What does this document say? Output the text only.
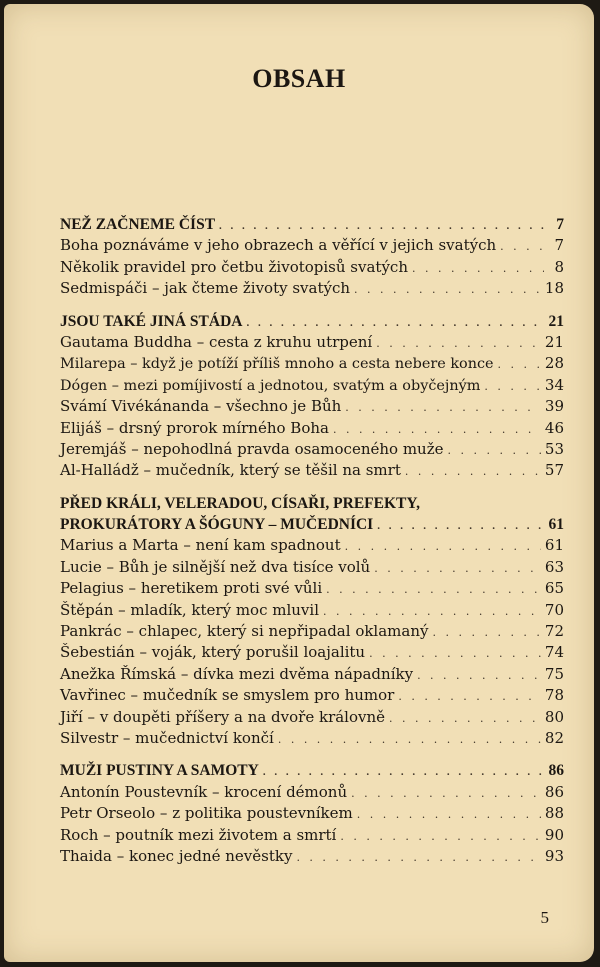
OBSAH
NEŽ ZAČNEME ČÍST . . .	7
Boha poznáváme v jeho obrazech a věřící v jejich svatých . . .	7
Několik pravidel pro četbu životopisů svatých . . .	8
Sedmispáči – jak čteme životy svatých . . .	18
JSOU TAKÉ JINÁ STÁDA . . .	21
Gautama Buddha – cesta z kruhu utrpení . . .	21
Milarepa – když je potíží příliš mnoho a cesta nebere konce . . .	28
Dógen – mezi pomíjivostí a jednotou, svatým a obyčejným . . .	34
Svámí Vivékánanda – všechno je Bůh . . .	39
Elijáš – drsný prorok mírného Boha . . .	46
Jeremjáš – nepohodlná pravda osamoceného muže . . .	53
Al-Halládž – mučedník, který se těšil na smrt . . .	57
PŘED KRÁLI, VELERADOU, CÍSAŘI, PREFEKTY,
PROKURÁTORY A ŠÓGUNY – MUČEDNÍCI . . .	61
Marius a Marta – není kam spadnout . . .	61
Lucie – Bůh je silnější než dva tisíce volů . . .	63
Pelagius – heretikem proti své vůli . . .	65
Štěpán – mladík, který moc mluvil . . .	70
Pankrác – chlapec, který si nepřipadal oklamaný . . .	72
Šebestián – voják, který porušil loajalitu . . .	74
Anežka Římská – dívka mezi dvěma nápadníky . . .	75
Vavřinec – mučedník se smyslem pro humor . . .	78
Jiří – v doupěti příšery a na dvoře královně . . .	80
Silvestr – mučednictví končí . . .	82
MUŽI PUSTINY A SAMOTY . . .	86
Antonín Poustevník – krocení démonů . . .	86
Petr Orseolo – z politika poustevníkem . . .	88
Roch – poutník mezi životem a smrtí . . .	90
Thaida – konec jedné nevěstky . . .	93
5
